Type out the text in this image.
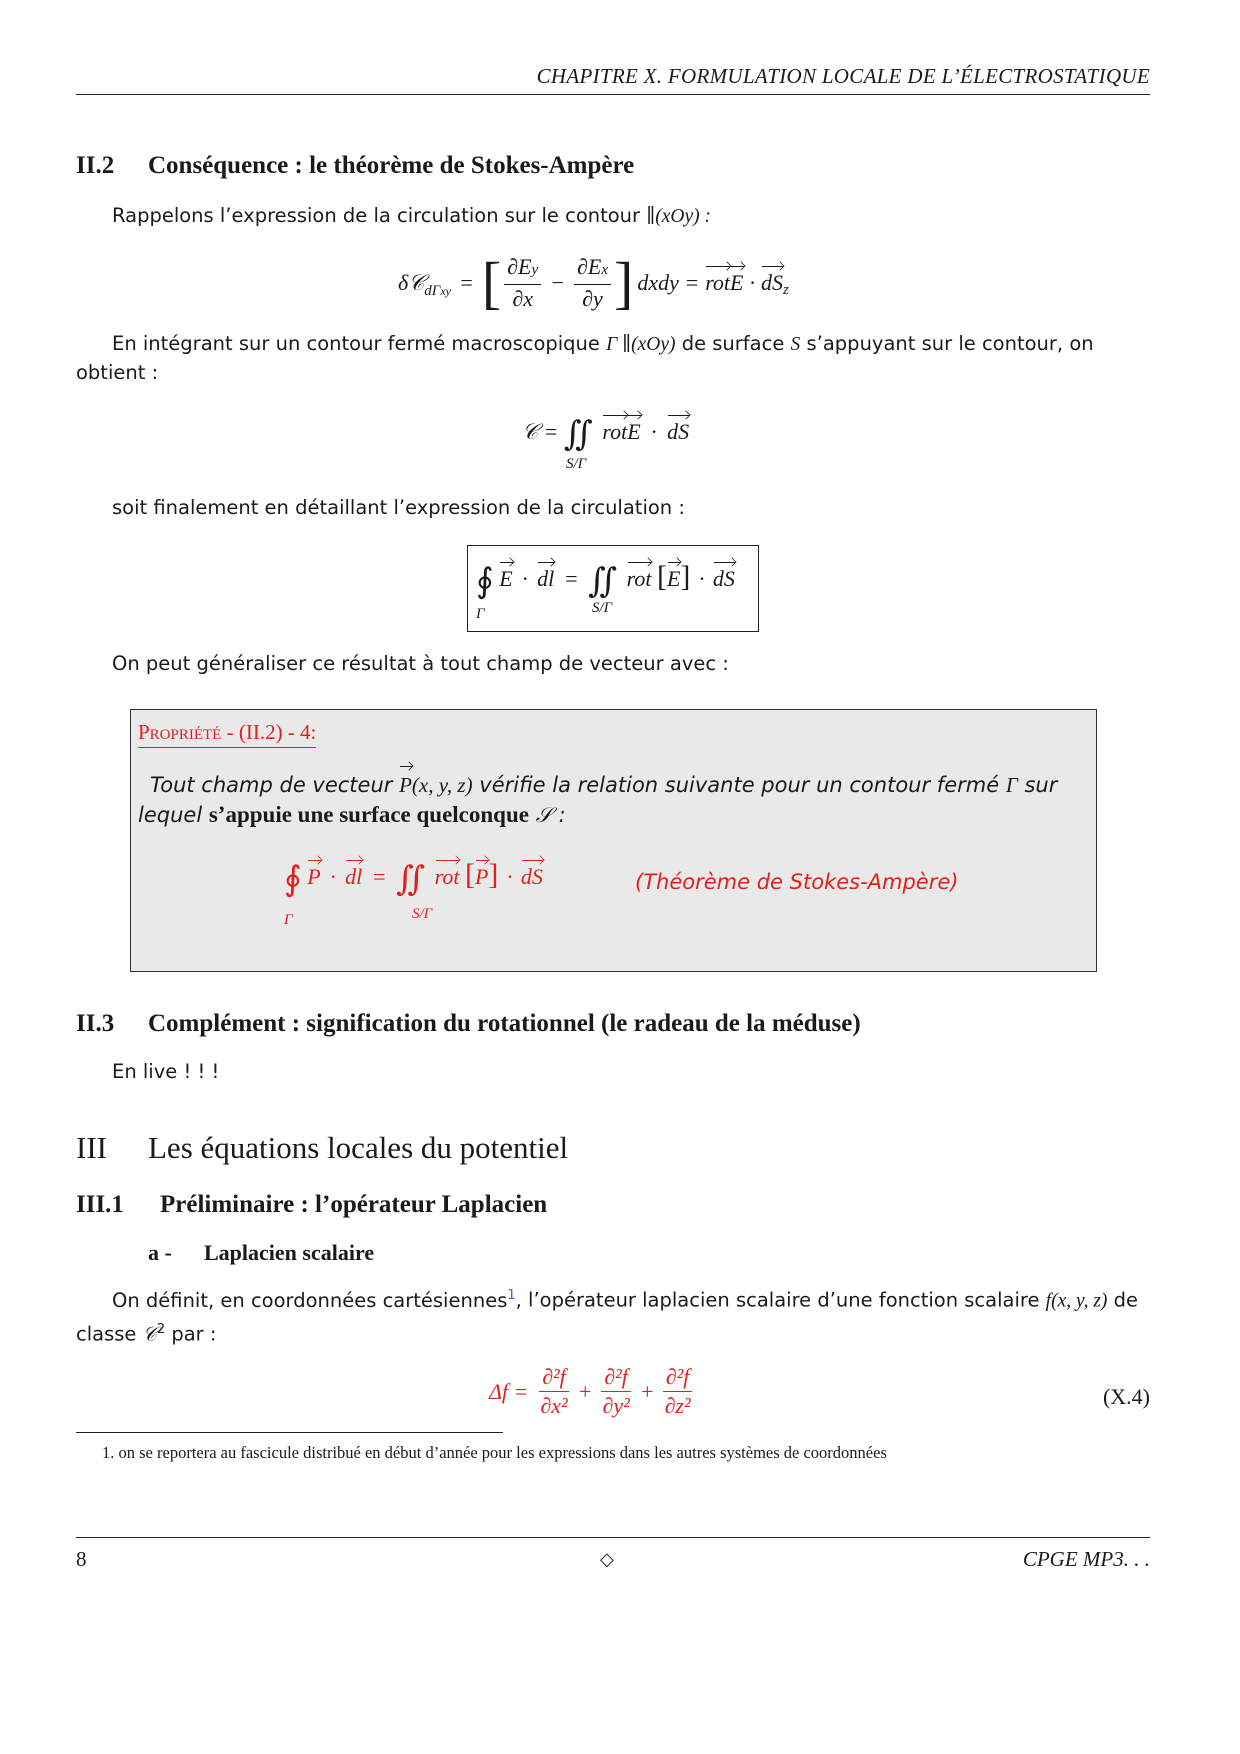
CHAPITRE X. FORMULATION LOCALE DE L’ÉLECTROSTATIQUE
II.2 Conséquence : le théorème de Stokes-Ampère
Rappelons l’expression de la circulation sur le contour ∥(xOy) :
δ𝒞 dΓxy = [ $\frac{\partial Ey}{\partial x} - \frac{\partial Ex}{\partial y}$ ] dxdy = rot E · dS z
En intégrant sur un contour fermé macroscopique Γ ∥(xOy) de surface S s’appuyant sur le contour, on
obtient :
𝒞 = ∬ rotE · dS
S/Γ
soit finalement en détaillant l’expression de la circulation :
∮ E · dl = ∬ rot [E] · dS
Γ	S/Γ
On peut généraliser ce résultat à tout champ de vecteur avec :
Propriété - (II.2) - 4:
Tout champ de vecteur P(x, y, z) vérifie la relation suivante pour un contour fermé Γ sur
lequel s’appuie une surface quelconque 𝒮 :
∮ P · dl = ∬ rot [P] · dS
Γ	S/Γ
(Théorème de Stokes-Ampère)
II.3 Complément : signification du rotationnel (le radeau de la méduse)
En live ! ! !
III Les équations locales du potentiel
III.1 Préliminaire : l’opérateur Laplacien
a - Laplacien scalaire
On définit, en coordonnées cartésiennes$^1$, l’opérateur laplacien scalaire d’une fonction scalaire f(x, y, z) de
classe 𝒞$^2$ par :
$\Delta f = \frac{\text{∂²f}}{\text{∂x²}} + \frac{\text{∂²f}}{\text{∂y²}} + \frac{\text{∂²f}}{\text{∂z²}}$	(X.4)
1. on se reportera au fascicule distribué en début d’année pour les expressions dans les autres systèmes de coordonnées
8	◇	CPGE MP3. . .
